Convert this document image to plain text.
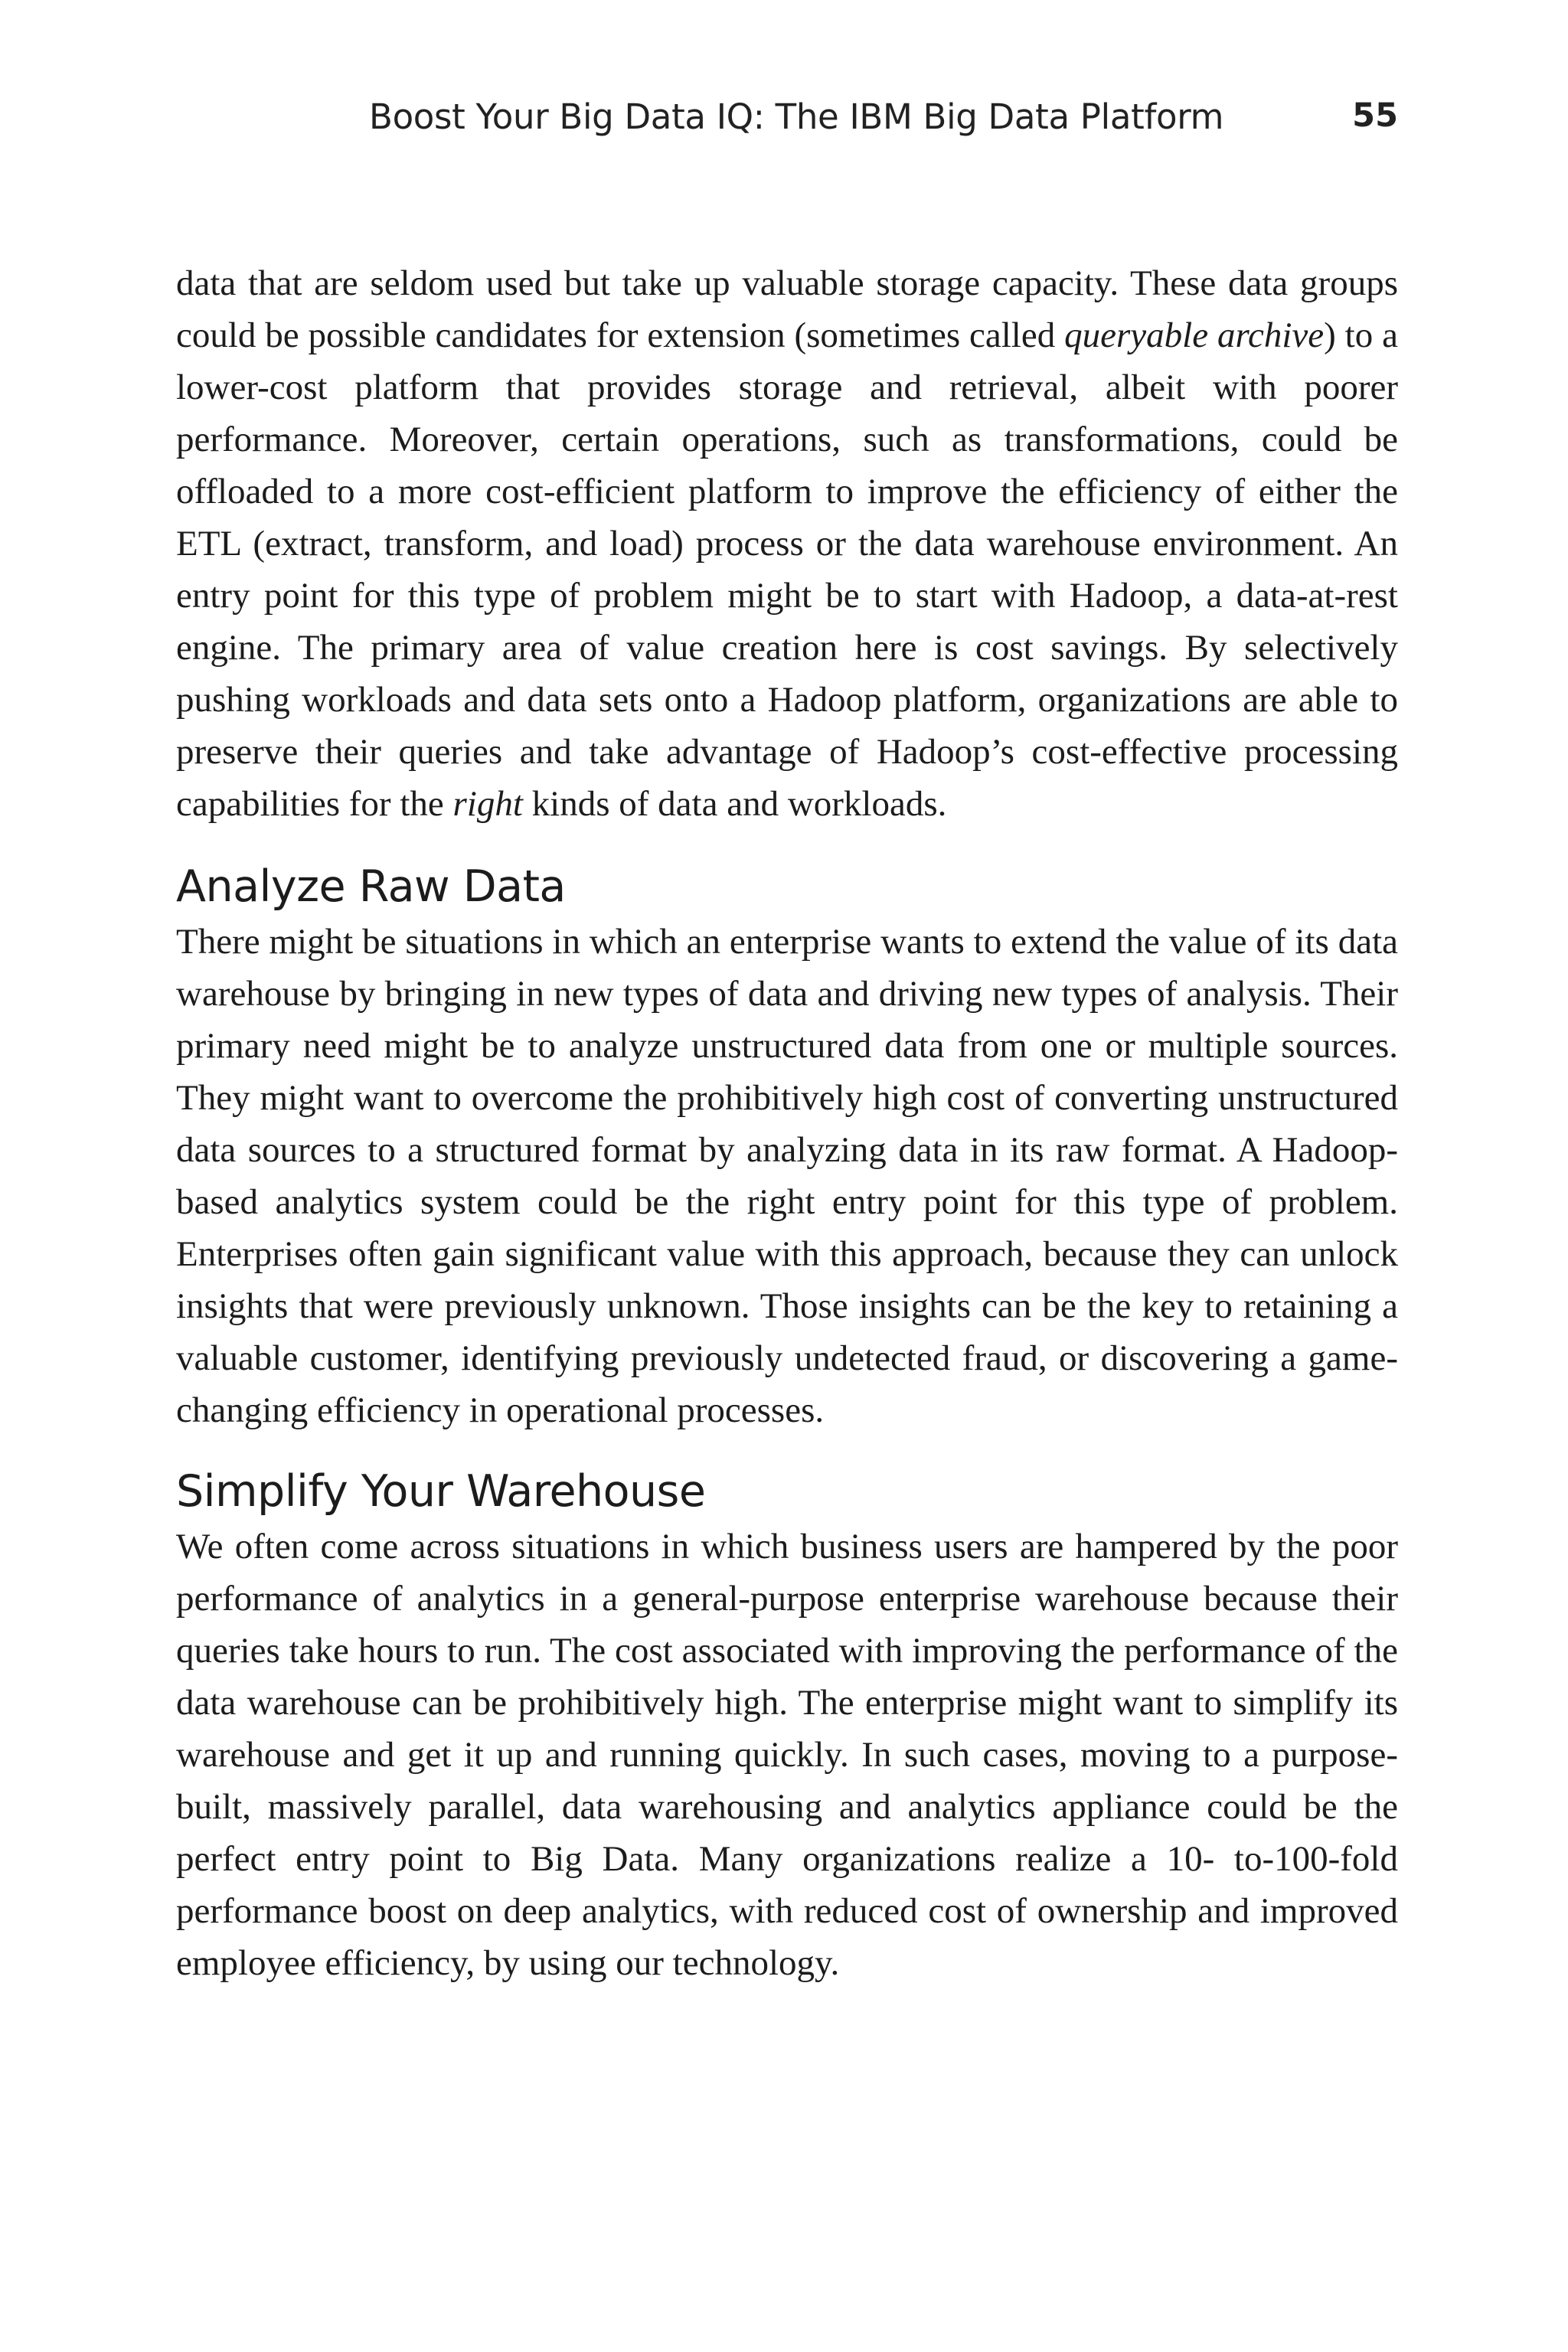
Boost Your Big Data IQ: The IBM Big Data Platform	55

data that are seldom used but take up valuable storage capacity. These data groups could be possible candidates for extension (sometimes called queryable archive) to a lower-cost platform that provides storage and retrieval, albeit with poorer performance. Moreover, certain operations, such as transformations, could be offloaded to a more cost-efficient platform to improve the efficiency of either the ETL (extract, transform, and load) process or the data warehouse environment. An entry point for this type of problem might be to start with Hadoop, a data-at-rest engine. The primary area of value creation here is cost savings. By selectively pushing workloads and data sets onto a Hadoop platform, organizations are able to preserve their queries and take advantage of Hadoop’s cost-effective processing capabilities for the right kinds of data and workloads.

Analyze Raw Data

There might be situations in which an enterprise wants to extend the value of its data warehouse by bringing in new types of data and driving new types of analysis. Their primary need might be to analyze unstructured data from one or multiple sources. They might want to overcome the prohibitively high cost of converting unstructured data sources to a structured format by analyzing data in its raw format. A Hadoop-based analytics system could be the right entry point for this type of problem. Enterprises often gain significant value with this approach, because they can unlock insights that were previously unknown. Those insights can be the key to retaining a valuable customer, identifying previously undetected fraud, or discovering a game-changing efficiency in operational processes.

Simplify Your Warehouse

We often come across situations in which business users are hampered by the poor performance of analytics in a general-purpose enterprise warehouse because their queries take hours to run. The cost associated with improving the performance of the data warehouse can be prohibitively high. The enterprise might want to simplify its warehouse and get it up and running quickly. In such cases, moving to a purpose-built, massively parallel, data warehousing and analytics appliance could be the perfect entry point to Big Data. Many organizations realize a 10- to-100-fold performance boost on deep analytics, with reduced cost of ownership and improved employee efficiency, by using our technology.
